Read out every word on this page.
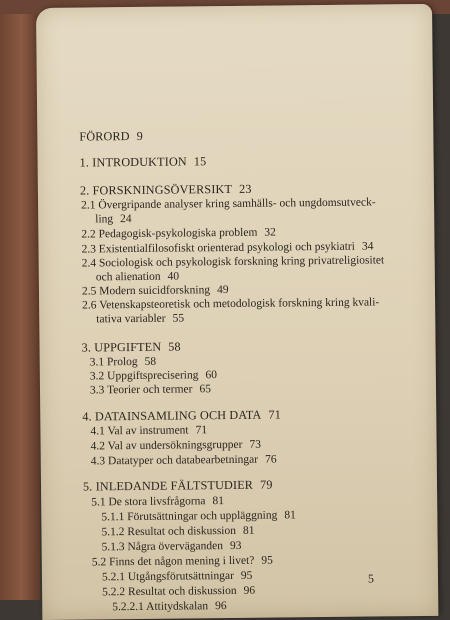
FÖRORD 9
1. INTRODUKTION 15
2. FORSKNINGSÖVERSIKT 23
2.1 Övergripande analyser kring samhälls- och ungdomsutveck-
ling 24
2.2 Pedagogisk-psykologiska problem 32
2.3 Existentialfilosofiskt orienterad psykologi och psykiatri 34
2.4 Sociologisk och psykologisk forskning kring privatreligiositet
och alienation 40
2.5 Modern suicidforskning 49
2.6 Vetenskapsteoretisk och metodologisk forskning kring kvali-
tativa variabler 55
3. UPPGIFTEN 58
3.1 Prolog 58
3.2 Uppgiftsprecisering 60
3.3 Teorier och termer 65
4. DATAINSAMLING OCH DATA 71
4.1 Val av instrument 71
4.2 Val av undersökningsgrupper 73
4.3 Datatyper och databearbetningar 76
5. INLEDANDE FÄLTSTUDIER 79
5.1 De stora livsfrågorna 81
5.1.1 Förutsättningar och uppläggning 81
5.1.2 Resultat och diskussion 81
5.1.3 Några överväganden 93
5.2 Finns det någon mening i livet? 95
5.2.1 Utgångsförutsättningar 95
5.2.2 Resultat och diskussion 96
5.2.2.1 Attitydskalan 96
5
